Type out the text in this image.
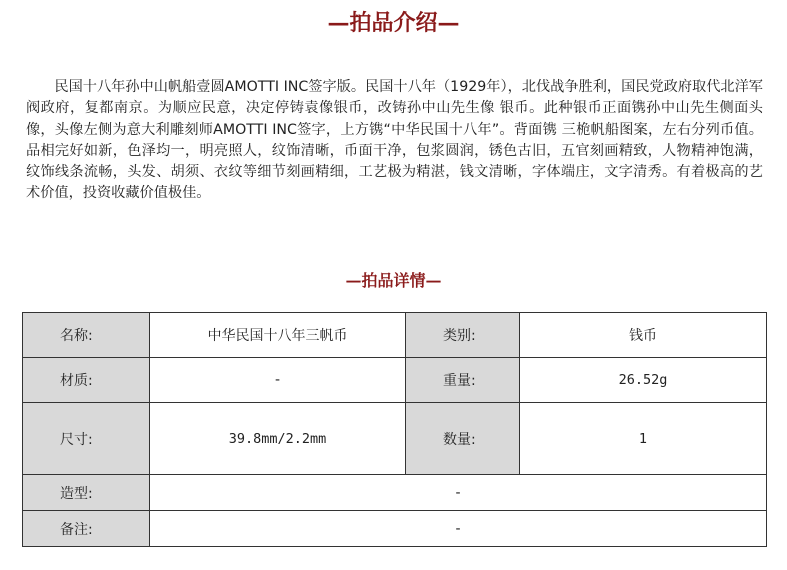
—拍品介绍—

民国十八年孙中山帆船壹圆AMOTTI INC签字版。民国十八年（1929年），北伐战争胜利，国民党政府取代北洋军阀政府，复都南京。为顺应民意，决定停铸袁像银币，改铸孙中山先生像 银币。此种银币正面镌孙中山先生侧面头像，头像左侧为意大利雕刻师AMOTTI INC签字，上方镌“中华民国十八年”。背面镌 三桅帆船图案，左右分列币值。品相完好如新，色泽均一，明亮照人，纹饰清晰，币面干净，包浆圆润，锈色古旧，五官刻画精致，人物精神饱满，纹饰线条流畅，头发、胡须、衣纹等细节刻画精细，工艺极为精湛，钱文清晰，字体端庄，文字清秀。有着极高的艺术价值，投资收藏价值极佳。

—拍品详情—
名称:	中华民国十八年三帆币	类别:	钱币
材质:	-	重量:	26.52g
尺寸:	39.8mm/2.2mm	数量:	1
造型:	-		
备注:	-		
